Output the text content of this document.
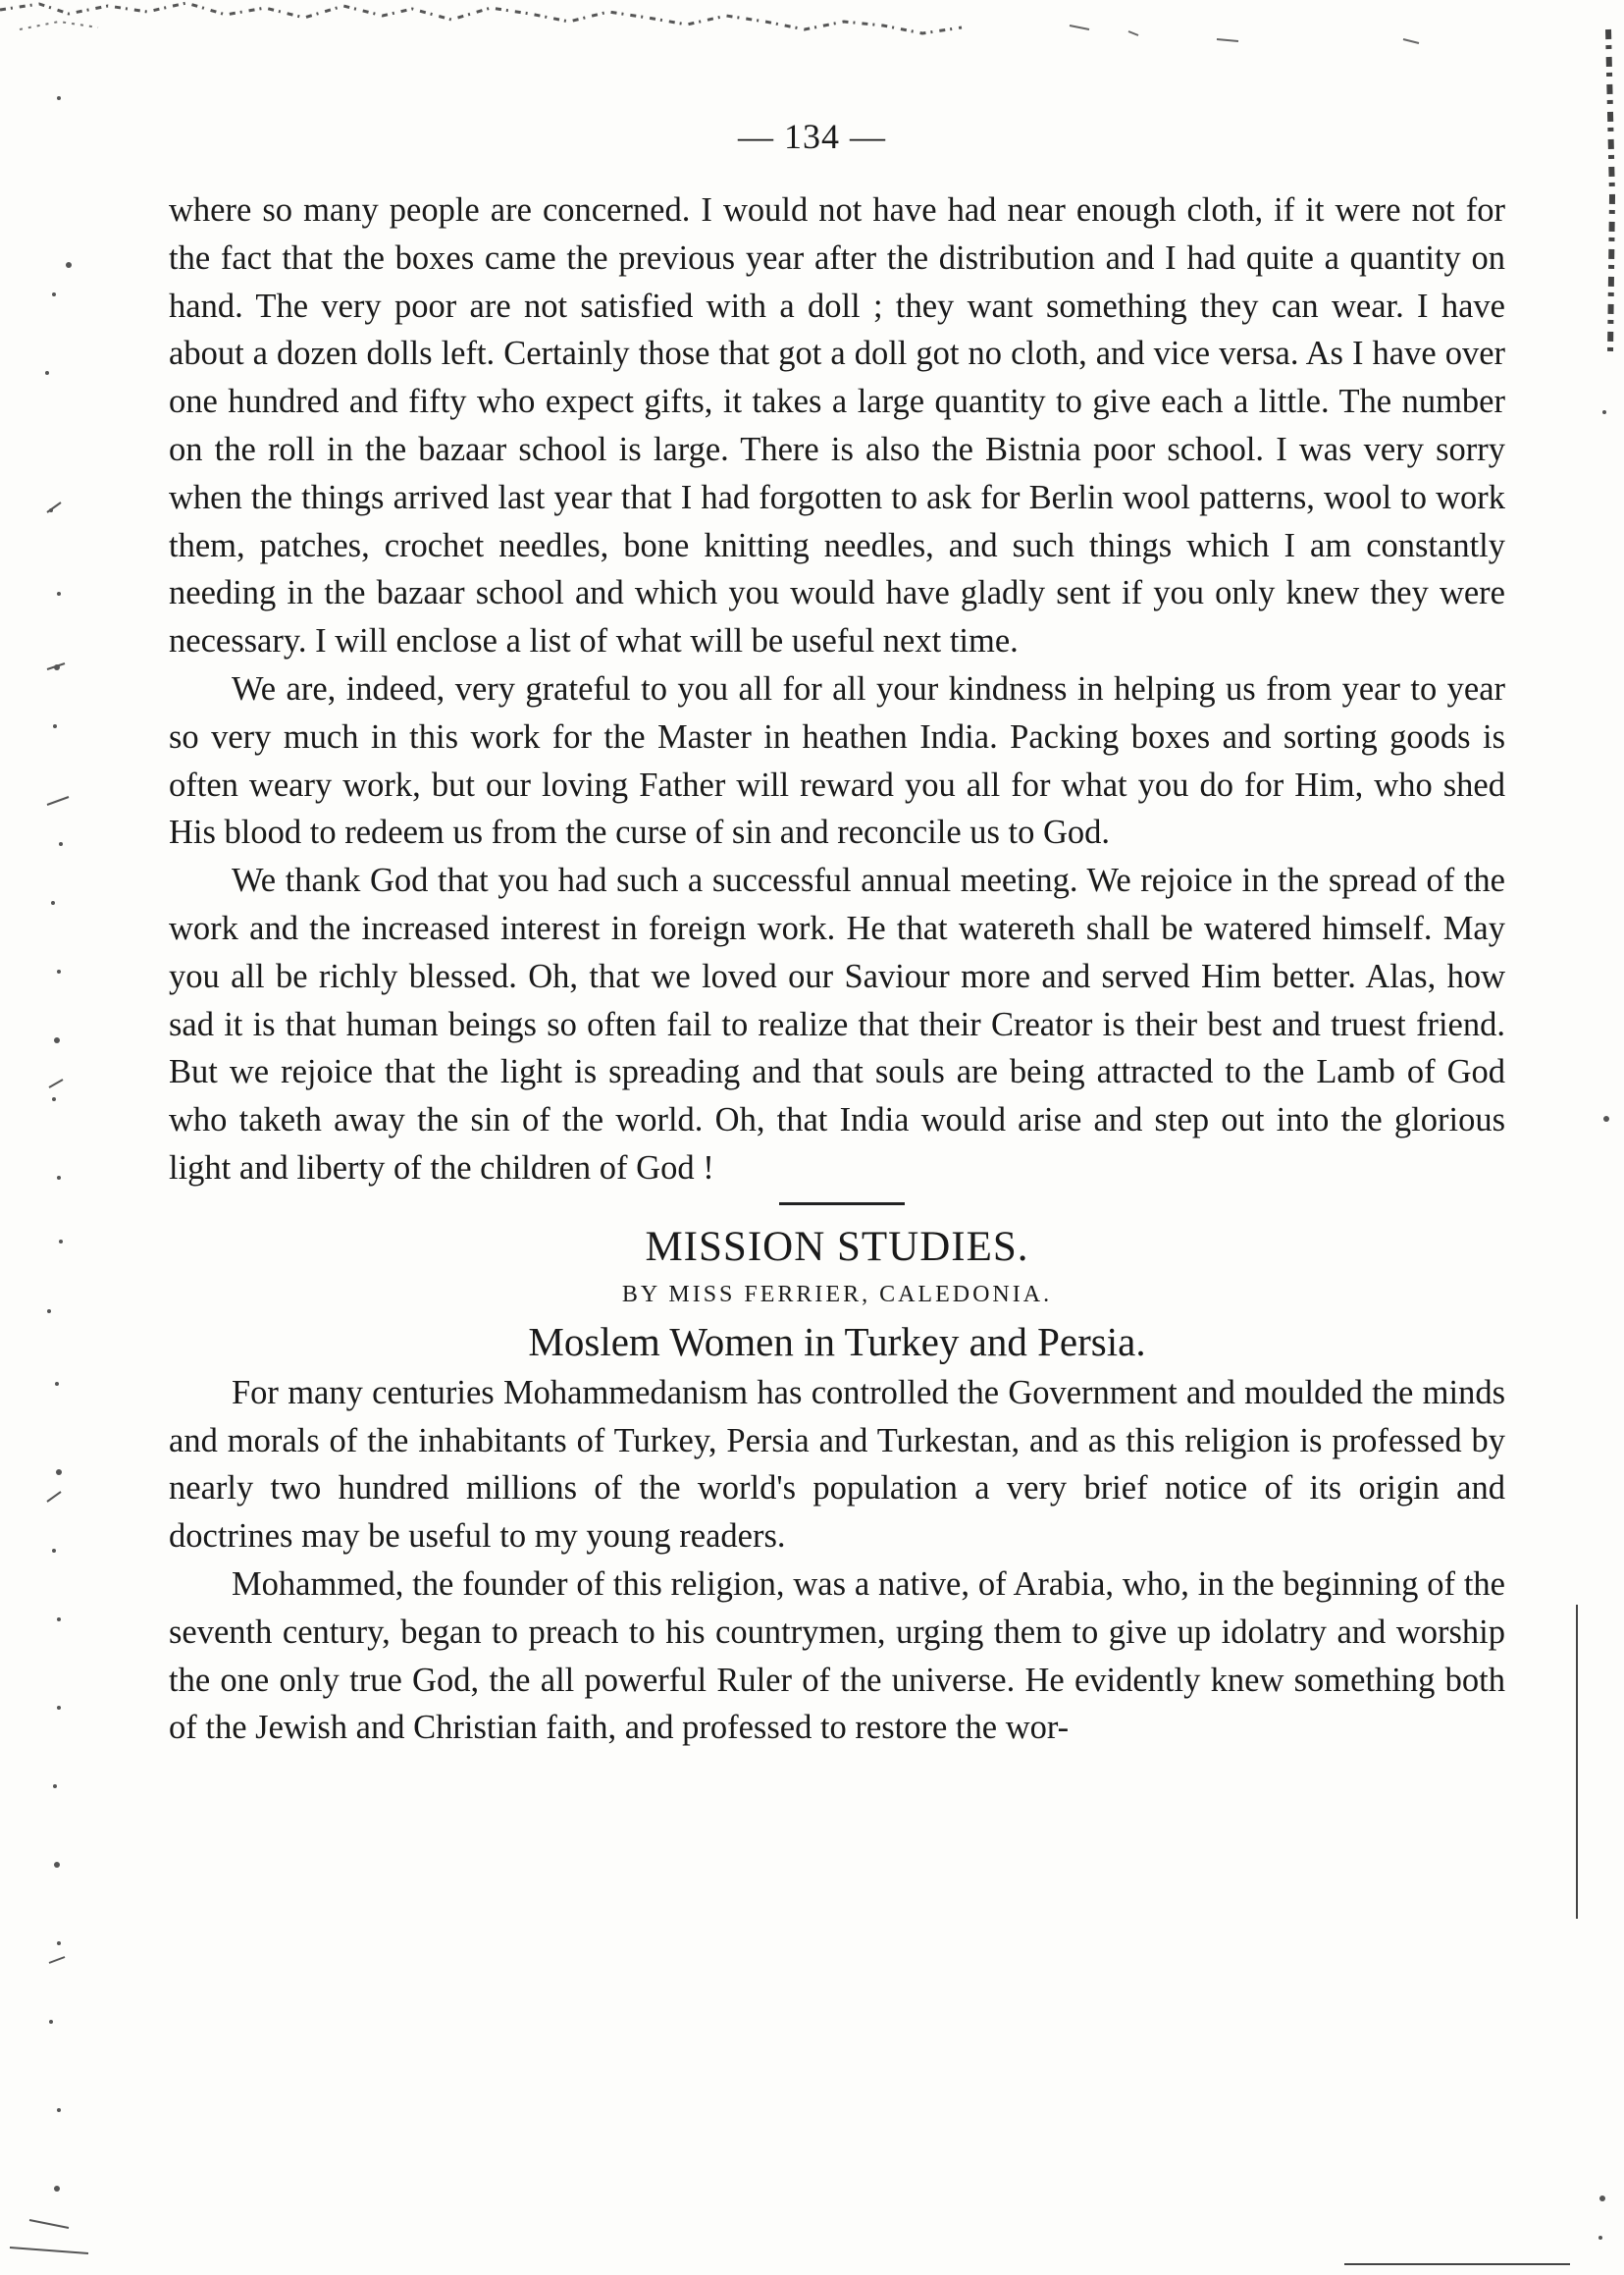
— 134 —

where so many people are concerned. I would not have had near enough cloth, if it were not for the fact that the boxes came the previous year after the distribution and I had quite a quantity on hand. The very poor are not satisfied with a doll ; they want something they can wear. I have about a dozen dolls left. Certainly those that got a doll got no cloth, and vice versa. As I have over one hundred and fifty who expect gifts, it takes a large quantity to give each a little. The number on the roll in the bazaar school is large. There is also the Bistnia poor school. I was very sorry when the things arrived last year that I had forgotten to ask for Berlin wool patterns, wool to work them, patches, crochet needles, bone knitting needles, and such things which I am constantly needing in the bazaar school and which you would have gladly sent if you only knew they were necessary. I will enclose a list of what will be useful next time.

We are, indeed, very grateful to you all for all your kindness in helping us from year to year so very much in this work for the Master in heathen India. Packing boxes and sorting goods is often weary work, but our loving Father will reward you all for what you do for Him, who shed His blood to redeem us from the curse of sin and reconcile us to God.

We thank God that you had such a successful annual meeting. We rejoice in the spread of the work and the increased interest in foreign work. He that watereth shall be watered himself. May you all be richly blessed. Oh, that we loved our Saviour more and served Him better. Alas, how sad it is that human beings so often fail to realize that their Creator is their best and truest friend. But we rejoice that the light is spreading and that souls are being attracted to the Lamb of God who taketh away the sin of the world. Oh, that India would arise and step out into the glorious light and liberty of the children of God !

MISSION STUDIES.

BY MISS FERRIER, CALEDONIA.

Moslem Women in Turkey and Persia.

For many centuries Mohammedanism has controlled the Government and moulded the minds and morals of the inhabitants of Turkey, Persia and Turkestan, and as this religion is professed by nearly two hundred millions of the world's population a very brief notice of its origin and doctrines may be useful to my young readers.

Mohammed, the founder of this religion, was a native, of Arabia, who, in the beginning of the seventh century, began to preach to his countrymen, urging them to give up idolatry and worship the one only true God, the all powerful Ruler of the universe. He evidently knew something both of the Jewish and Christian faith, and professed to restore the wor-
